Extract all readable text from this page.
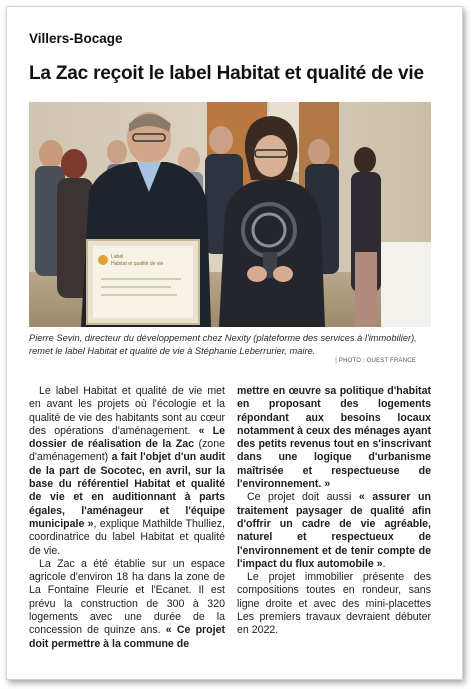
Villers-Bocage
La Zac reçoit le label Habitat et qualité de vie
Label
Habitat et qualité de vie
Pierre Sevin, directeur du développement chez Nexity (plateforme des services à l'immobilier), remet le label Habitat et qualité de vie à Stéphanie Leberrurier, maire.
| PHOTO : OUEST FRANCE

Le label Habitat et qualité de vie met en avant les projets où l'écologie et la qualité de vie des habitants sont au cœur des opérations d'aménagement. « Le dossier de réalisation de la Zac (zone d'aménagement) a fait l'objet d'un audit de la part de Socotec, en avril, sur la base du référentiel Habitat et qualité de vie et en auditionnant à parts égales, l'aménageur et l'équipe municipale », explique Mathilde Thulliez, coordinatrice du label Habitat et qualité de vie.

La Zac a été établie sur un espace agricole d'environ 18 ha dans la zone de La Fontaine Fleurie et l'Ecanet. Il est prévu la construction de 300 à 320 logements avec une durée de la concession de quinze ans. « Ce projet doit permettre à la commune de

mettre en œuvre sa politique d'habitat en proposant des logements répondant aux besoins locaux notamment à ceux des ménages ayant des petits revenus tout en s'inscrivant dans une logique d'urbanisme maîtrisée et respectueuse de l'environnement. »

Ce projet doit aussi « assurer un traitement paysager de qualité afin d'offrir un cadre de vie agréable, naturel et respectueux de l'environnement et de tenir compte de l'impact du flux automobile ».

Le projet immobilier présente des compositions toutes en rondeur, sans ligne droite et avec des mini-placettes Les premiers travaux devraient débuter en 2022.
